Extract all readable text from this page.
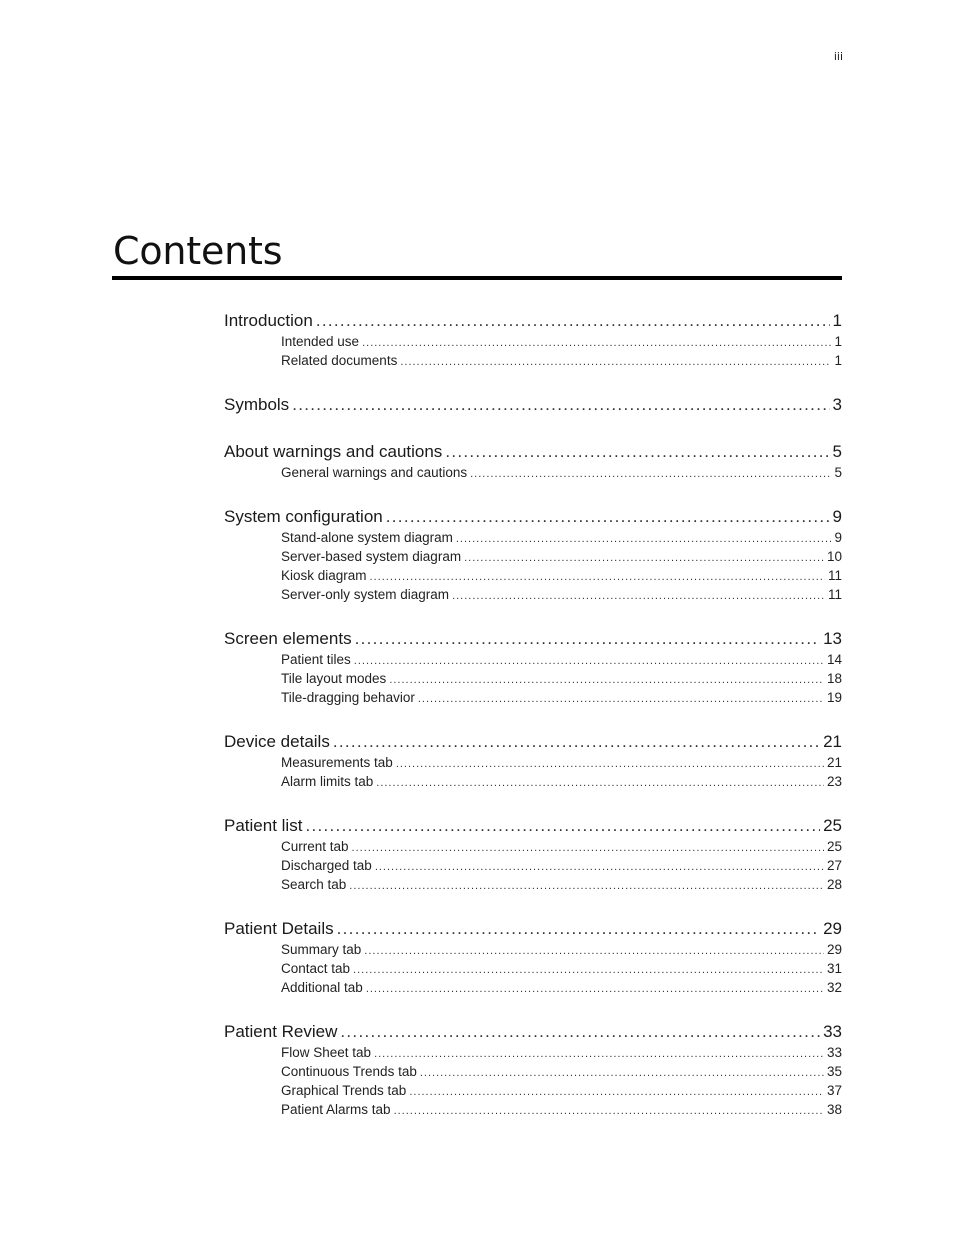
iii
Contents
Introduction .....	1
Intended use .....	1
Related documents .....	1
Symbols .....	3
About warnings and cautions .....	5
General warnings and cautions .....	5
System configuration .....	9
Stand-alone system diagram .....	9
Server-based system diagram .....	10
Kiosk diagram .....	11
Server-only system diagram .....	11
Screen elements .....	13
Patient tiles .....	14
Tile layout modes .....	18
Tile-dragging behavior .....	19
Device details .....	21
Measurements tab .....	21
Alarm limits tab .....	23
Patient list .....	25
Current tab .....	25
Discharged tab .....	27
Search tab .....	28
Patient Details .....	29
Summary tab .....	29
Contact tab .....	31
Additional tab .....	32
Patient Review .....	33
Flow Sheet tab .....	33
Continuous Trends tab .....	35
Graphical Trends tab .....	37
Patient Alarms tab .....	38
